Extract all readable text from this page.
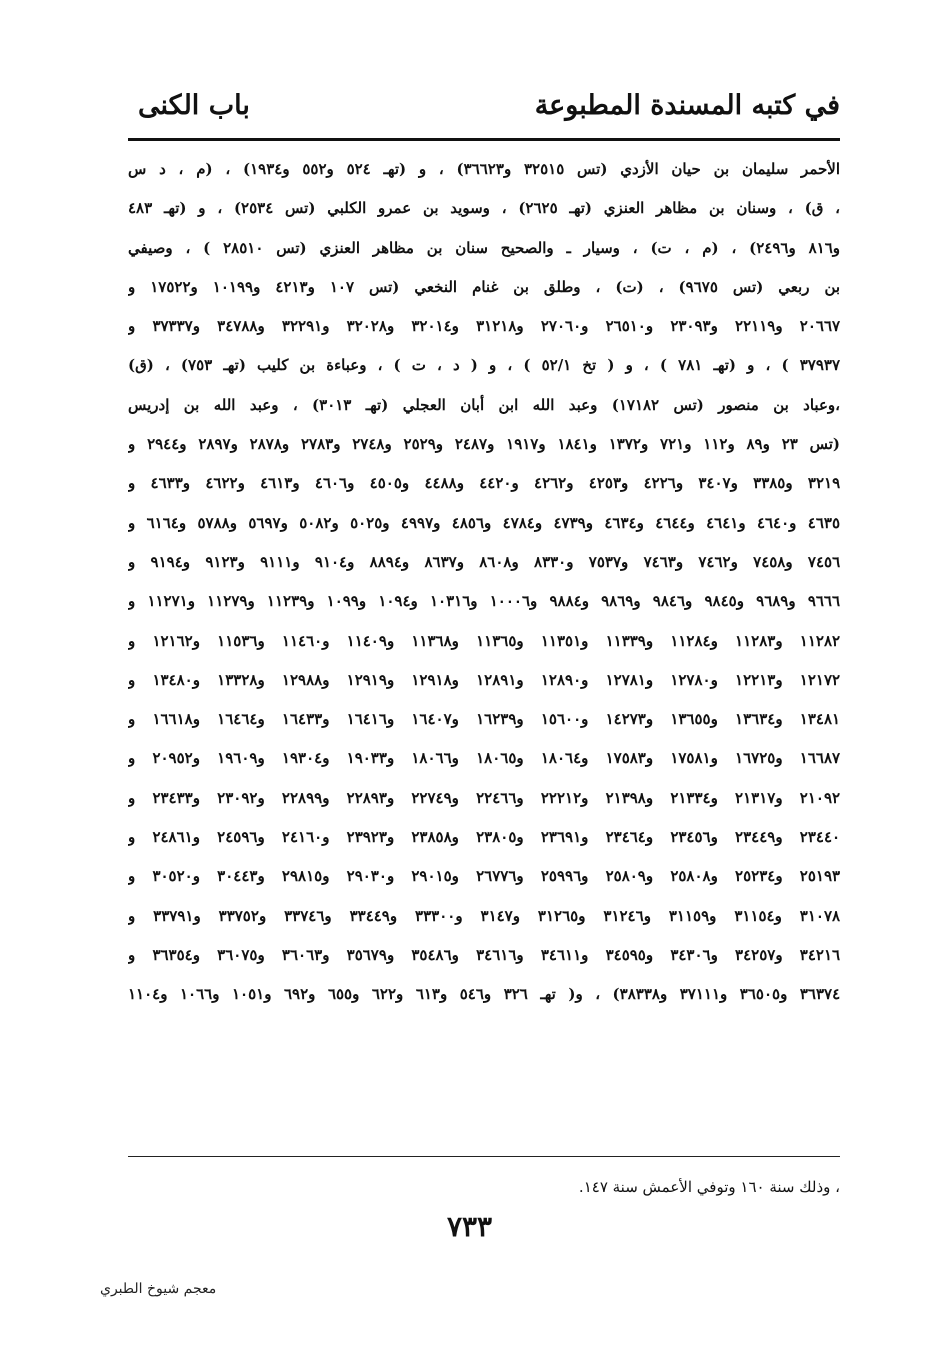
في كتبه المسندة المطبوعة
باب الكنى
الأحمر سليمان بن حيان الأزدي (تس ٣٢٥١٥ و٣٦٦٢٣) ، و (تهـ ٥٢٤ و٥٥٢ و١٩٣٤) ، (م ، د س
، ق) ، وسنان بن مظاهر العنزي (تهـ ٢٦٢٥) ، وسويد بن عمرو الكلبي (تس ٢٥٣٤) ، و (تهـ ٤٨٣
و٨١٦ و٢٤٩٦) ، (م ، ت) ، وسيار ـ والصحيح سنان بن مظاهر العنزي (تس ٢٨٥١٠ ) ، وصيفي
بن ربعي (تس ٩٦٧٥) ، (ت) ، وطلق بن غنام النخعي (تس ١٠٧ و٤٢١٣ و١٠١٩٩ و١٧٥٢٢ و
٢٠٦٦٧ و٢٢١١٩ و٢٣٠٩٣ و٢٦٥١٠ و٢٧٠٦٠ و٣١٢١٨ و٣٢٠١٤ و٣٢٠٢٨ و٣٢٢٩١ و٣٤٧٨٨ و٣٧٣٣٧ و
٣٧٩٣٧ ) ، و (تهـ ٧٨١ ) ، و ( تخ ٥٢/١ ) ، و ( د ، ت ) ، وعباءة بن كليب (تهـ ٧٥٣) ، (ق)
،وعباد بن منصور (تس ١٧١٨٢) وعبد الله ابن أبان العجلي (تهـ ٣٠١٣) ، وعبد الله بن إدريس
(تس ٢٣ و٨٩ و١١٢ و٧٢١ و١٣٧٢ و١٨٤١ و١٩١٧ و٢٤٨٧ و٢٥٢٩ و٢٧٤٨ و٢٧٨٣ و٢٨٧٨ و٢٨٩٧ و٢٩٤٤ و
٣٢١٩ و٣٣٨٥ و٣٤٠٧ و٤٢٢٦ و٤٢٥٣ و٤٢٦٢ و٤٤٢٠ و٤٤٨٨ و٤٥٠٥ و٤٦٠٦ و٤٦١٣ و٤٦٢٢ و٤٦٣٣ و
٤٦٣٥ و٤٦٤٠ و٤٦٤١ و٤٦٤٤ و٤٦٣٤ و٤٧٣٩ و٤٧٨٤ و٤٨٥٦ و٤٩٩٧ و٥٠٢٥ و٥٠٨٢ و٥٦٩٧ و٥٧٨٨ و٦١٦٤ و
٧٤٥٦ و٧٤٥٨ و٧٤٦٢ و٧٤٦٣ و٧٥٣٧ و٨٣٣٠ و٨٦٠٨ و٨٦٣٧ و٨٨٩٤ و٩١٠٤ و٩١١١ و٩١٢٣ و٩١٩٤ و
٩٦٦٦ و٩٦٨٩ و٩٨٤٥ و٩٨٤٦ و٩٨٦٩ و٩٨٨٤ و١٠٠٠٦ و١٠٣١٦ و١٠٩٤ و١٠٩٩ و١١٢٣٩ و١١٢٧٩ و١١٢٧١ و
١١٢٨٢ و١١٢٨٣ و١١٢٨٤ و١١٣٣٩ و١١٣٥١ و١١٣٦٥ و١١٣٦٨ و١١٤٠٩ و١١٤٦٠ و١١٥٣٦ و١٢١٦٢ و
١٢١٧٢ و١٢٢١٣ و١٢٧٨٠ و١٢٧٨١ و١٢٨٩٠ و١٢٨٩١ و١٢٩١٨ و١٢٩١٩ و١٢٩٨٨ و١٣٣٢٨ و١٣٤٨٠ و
١٣٤٨١ و١٣٦٣٤ و١٣٦٥٥ و١٤٢٧٣ و١٥٦٠٠ و١٦٢٣٩ و١٦٤٠٧ و١٦٤١٦ و١٦٤٣٣ و١٦٤٦٤ و١٦٦١٨ و
١٦٦٨٧ و١٦٧٢٥ و١٧٥٨١ و١٧٥٨٣ و١٨٠٦٤ و١٨٠٦٥ و١٨٠٦٦ و١٩٠٣٣ و١٩٣٠٤ و١٩٦٠٩ و٢٠٩٥٢ و
٢١٠٩٢ و٢١٣١٧ و٢١٣٣٤ و٢١٣٩٨ و٢٢٢١٢ و٢٢٤٦٦ و٢٢٧٤٩ و٢٢٨٩٣ و٢٢٨٩٩ و٢٣٠٩٢ و٢٣٤٣٣ و
٢٣٤٤٠ و٢٣٤٤٩ و٢٣٤٥٦ و٢٣٤٦٤ و٢٣٦٩١ و٢٣٨٠٥ و٢٣٨٥٨ و٢٣٩٢٣ و٢٤١٦٠ و٢٤٥٩٦ و٢٤٨٦١ و
٢٥١٩٣ و٢٥٢٣٤ و٢٥٨٠٨ و٢٥٨٠٩ و٢٥٩٩٦ و٢٦٧٧٦ و٢٩٠١٥ و٢٩٠٣٠ و٢٩٨١٥ و٣٠٤٤٣ و٣٠٥٢٠ و
٣١٠٧٨ و٣١١٥٤ و٣١١٥٩ و٣١٢٤٦ و٣١٢٦٥ و٣١٤٧ و٣٣٣٠٠ و٣٣٤٤٩ و٣٣٧٤٦ و٣٣٧٥٢ و٣٣٧٩١ و
٣٤٢١٦ و٣٤٢٥٧ و٣٤٣٠٦ و٣٤٥٩٥ و٣٤٦١١ و٣٤٦١٦ و٣٥٤٨٦ و٣٥٦٧٩ و٣٦٠٦٣ و٣٦٠٧٥ و٣٦٣٥٤ و
٣٦٣٧٤ و٣٦٥٠٥ و٣٧١١١ و٣٨٣٣٨) ، و( تهـ ٣٢٦ و٥٤٦ و٦١٣ و٦٢٢ و٦٥٥ و٦٩٢ و١٠٥١ و١٠٦٦ و١١٠٤
، وذلك سنة ١٦٠ وتوفي الأعمش سنة ١٤٧.
٧٣٣
معجم شيوخ الطبري
